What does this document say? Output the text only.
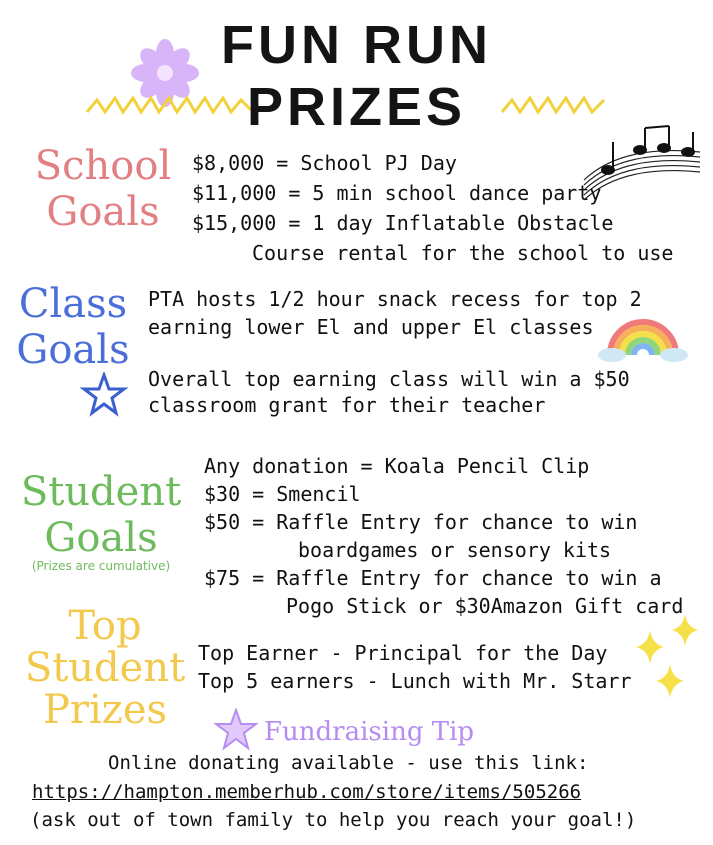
FUN RUN
PRIZES
School
Goals
$8,000 = School PJ Day
$11,000 = 5 min school dance party
$15,000 = 1 day Inflatable Obstacle
Course rental for the school to use
Class
Goals
PTA hosts 1/2 hour snack recess for top 2
earning lower El and upper El classes
Overall top earning class will win a $50
classroom grant for their teacher
Student
Goals
(Prizes are cumulative)
Any donation = Koala Pencil Clip
$30 = Smencil
$50 = Raffle Entry for chance to win
boardgames or sensory kits
$75 = Raffle Entry for chance to win a
Pogo Stick or $30Amazon Gift card
Top
Student
Prizes
Top Earner - Principal for the Day
Top 5 earners - Lunch with Mr. Starr
Fundraising Tip
Online donating available - use this link:
https://hampton.memberhub.com/store/items/505266
(ask out of town family to help you reach your goal!)
